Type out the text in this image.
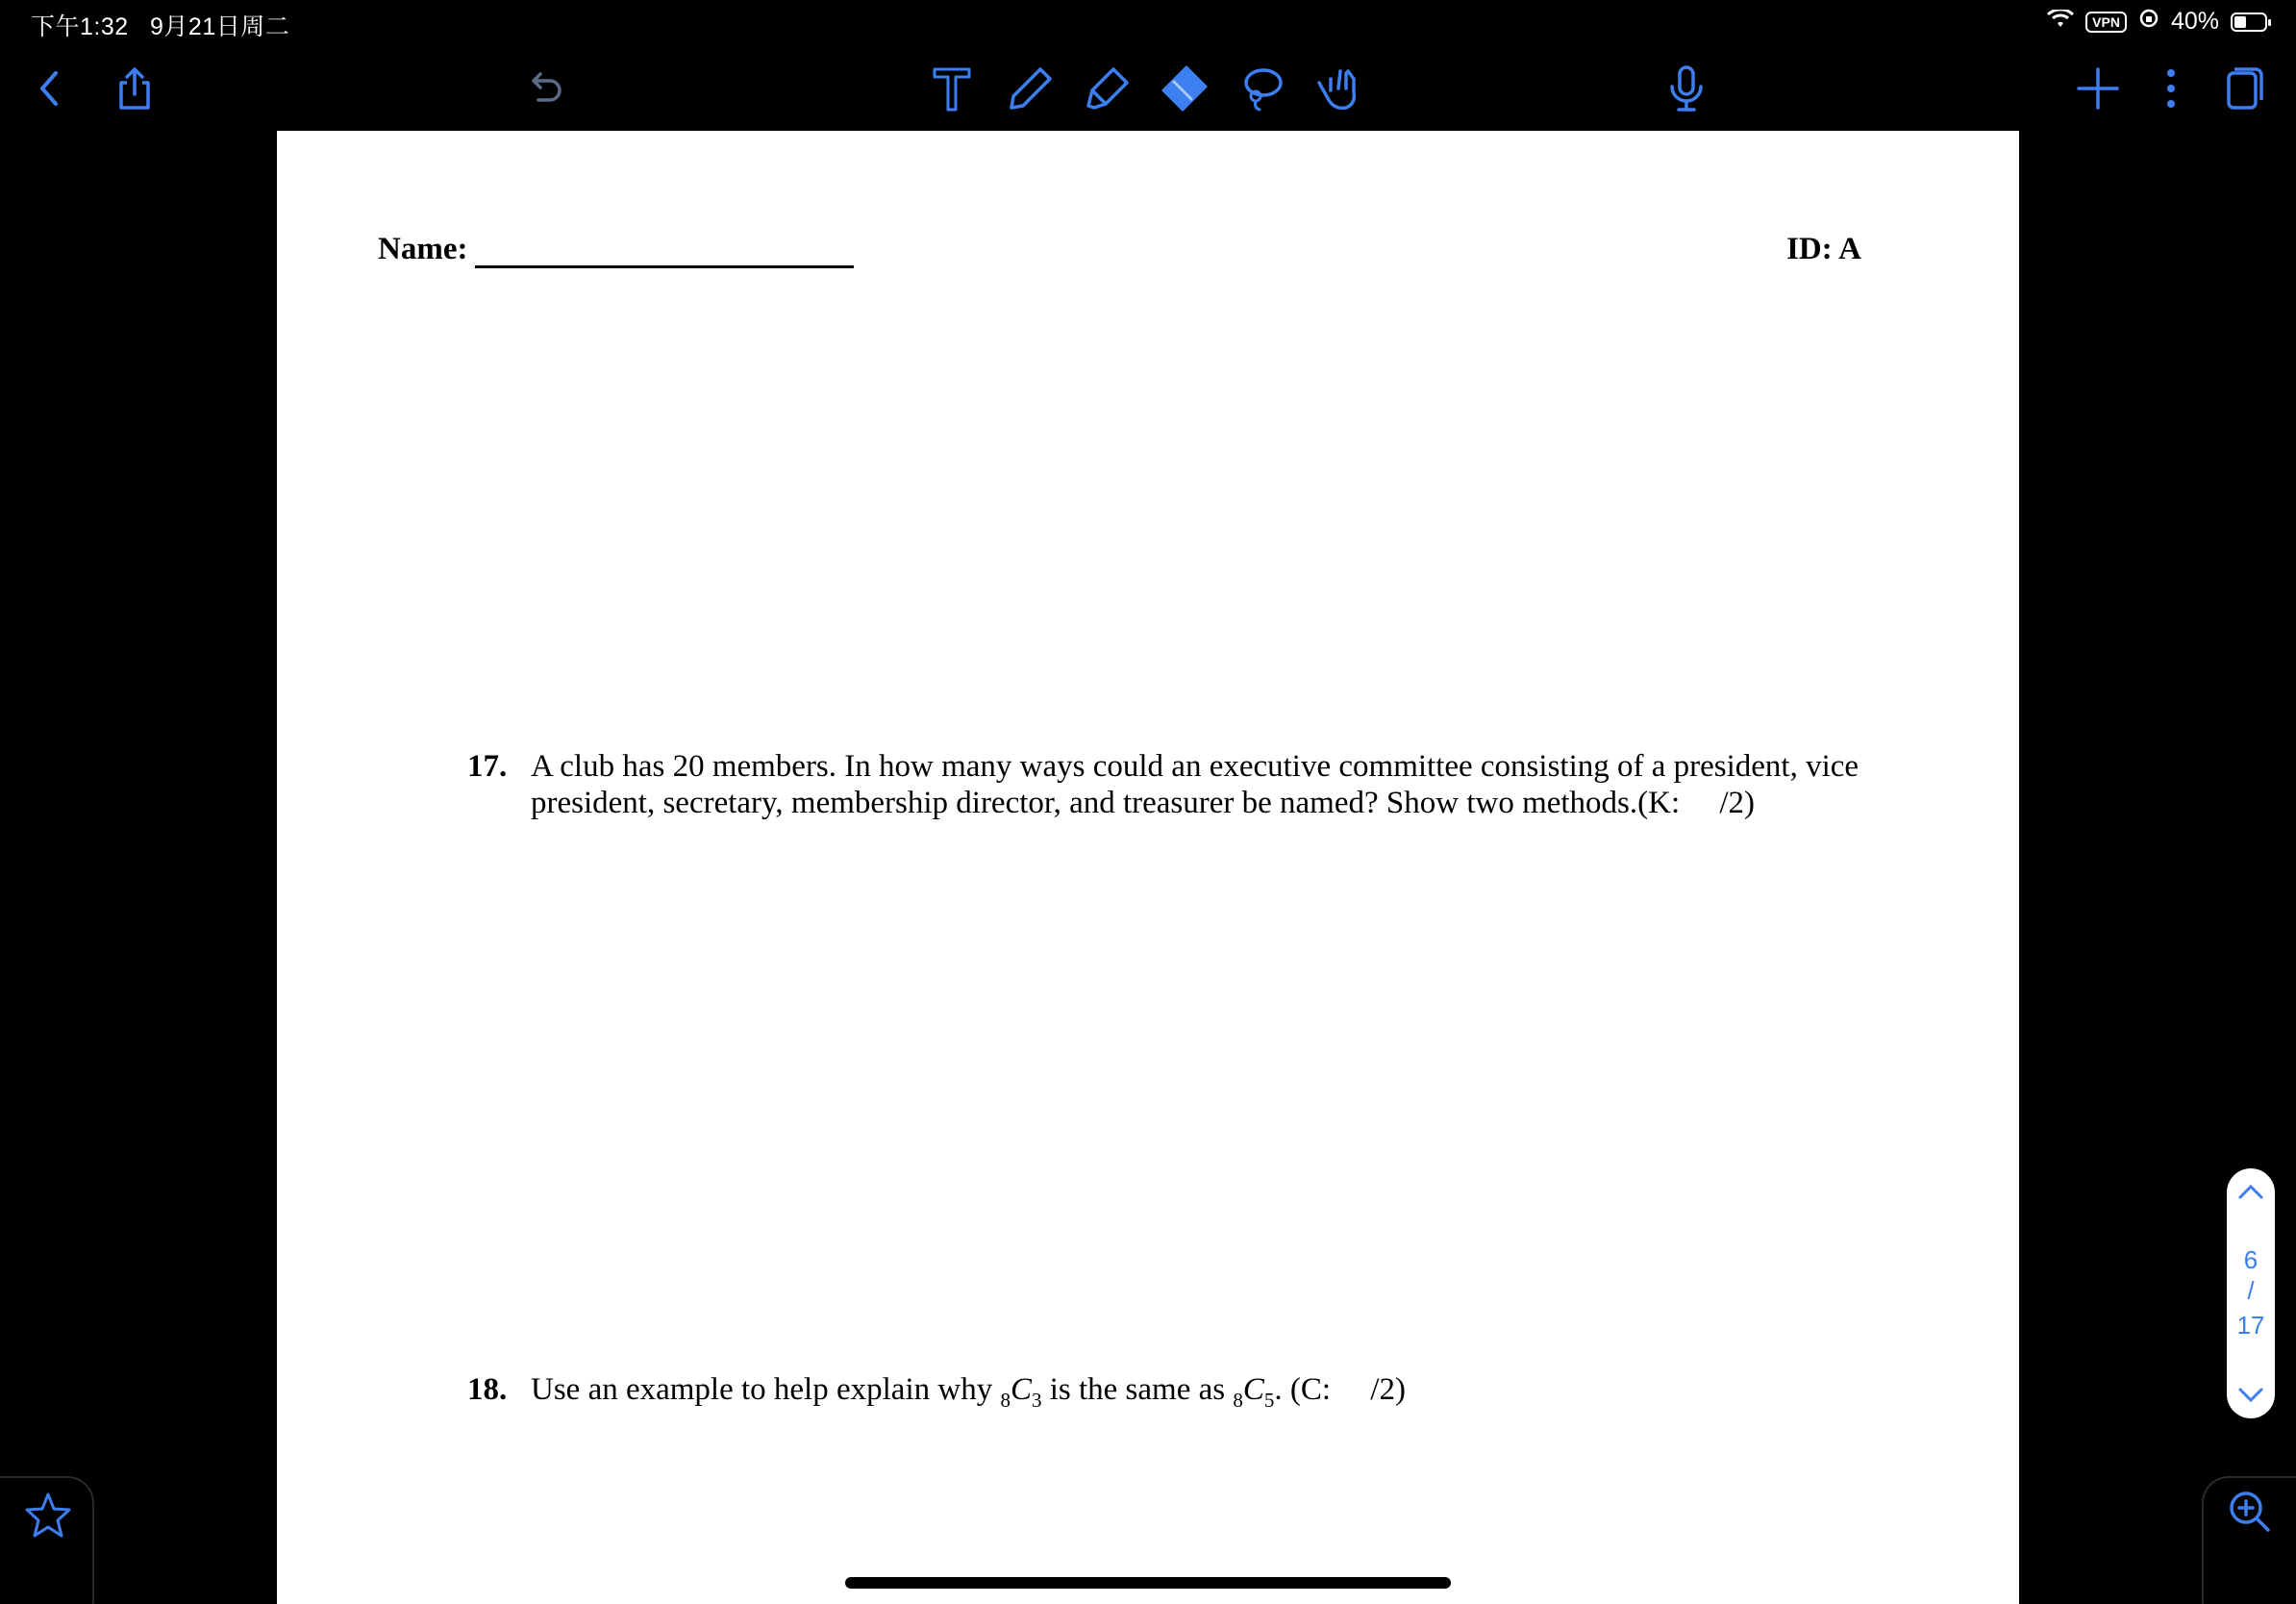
下午1:32 9月21日周二	VPN 40%
Name:	ID: A
17. A club has 20 members. In how many ways could an executive committee consisting of a president, vice
president, secretary, membership director, and treasurer be named? Show two methods.(K:     /2)
18. Use an example to help explain why $_8C_3$ is the same as $_8C_5$. (C:     /2)
6
/
17
